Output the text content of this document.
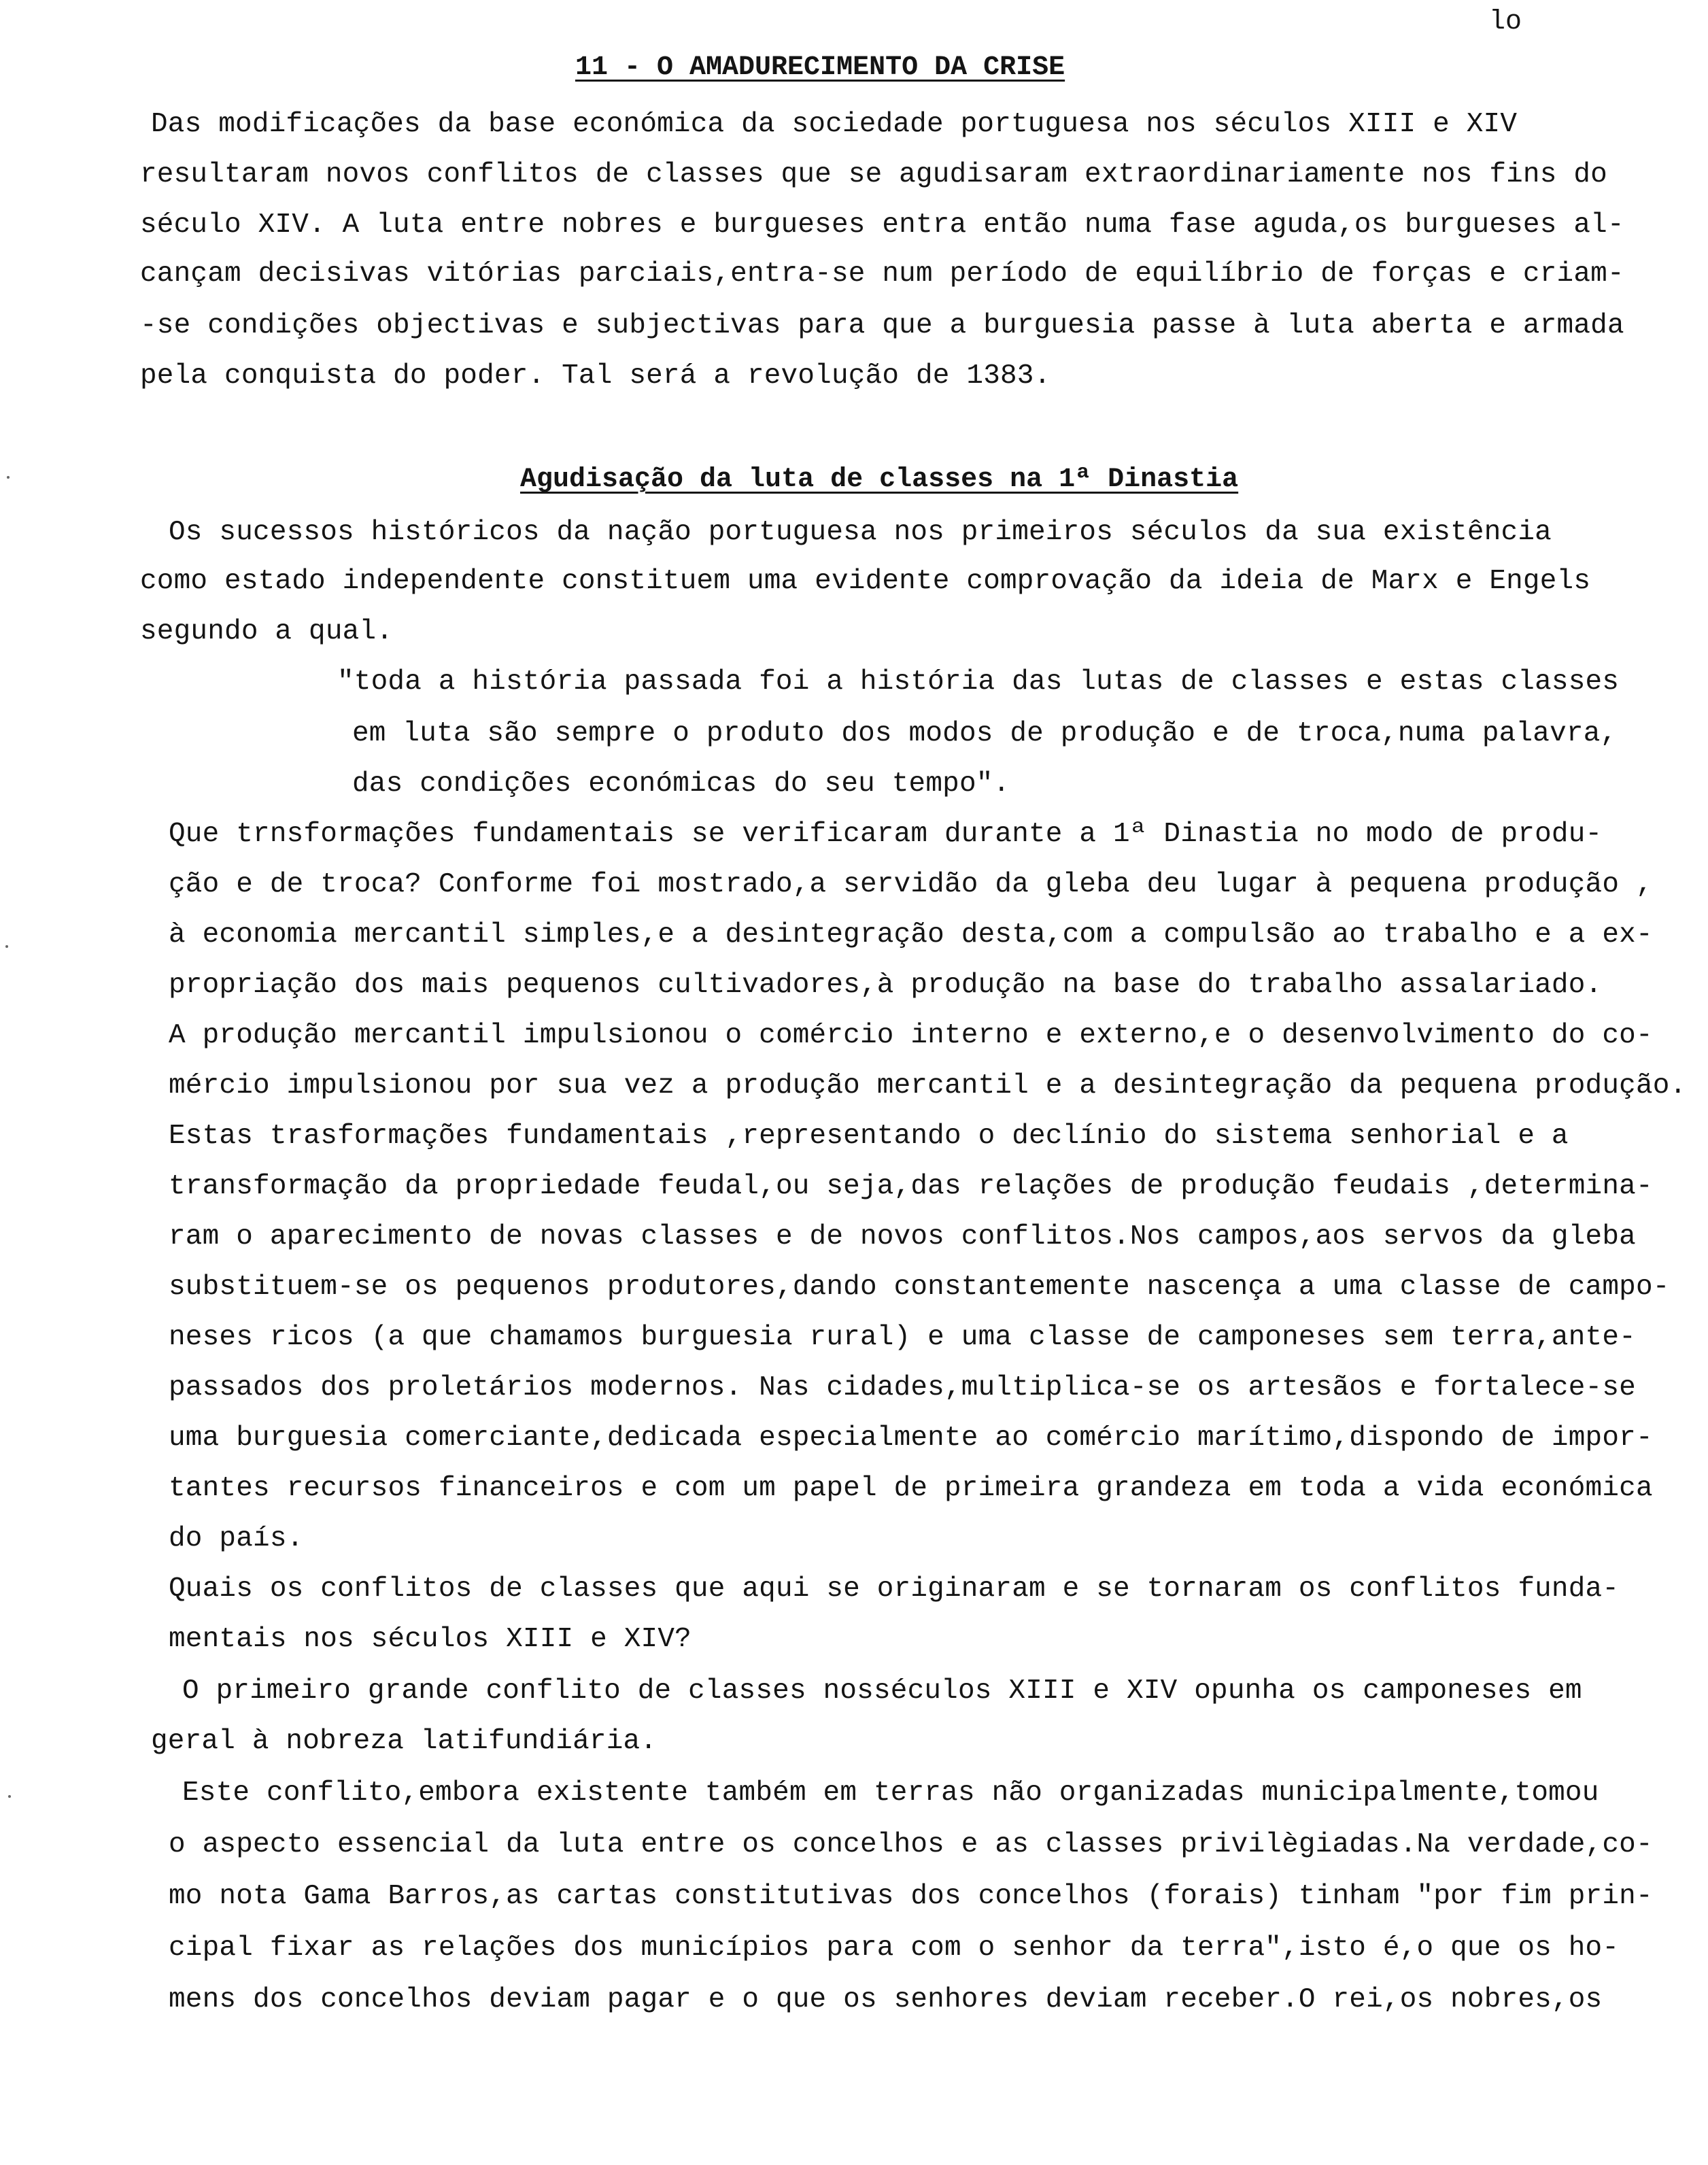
lo
11 - O AMADURECIMENTO DA CRISE
Das modificações da base económica da sociedade portuguesa nos séculos XIII e XIV
resultaram novos conflitos de classes que se agudisaram extraordinariamente nos fins do
século XIV. A luta entre nobres e burgueses entra então numa fase aguda,os burgueses al-
cançam decisivas vitórias parciais,entra-se num período de equilíbrio de forças e criam-
-se condições objectivas e subjectivas para que a burguesia passe à luta aberta e armada
pela conquista do poder. Tal será a revolução de 1383.
Agudisação da luta de classes na 1ª Dinastia
Os sucessos históricos da nação portuguesa nos primeiros séculos da sua existência
como estado independente constituem uma evidente comprovação da ideia de Marx e Engels
segundo a qual.
"toda a história passada foi a história das lutas de classes e estas classes
em luta são sempre o produto dos modos de produção e de troca,numa palavra,
das condições económicas do seu tempo".
Que trnsformações fundamentais se verificaram durante a 1ª Dinastia no modo de produ-
ção e de troca? Conforme foi mostrado,a servidão da gleba deu lugar à pequena produção ,
à economia mercantil simples,e a desintegração desta,com a compulsão ao trabalho e a ex-
propriação dos mais pequenos cultivadores,à produção na base do trabalho assalariado.
A produção mercantil impulsionou o comércio interno e externo,e o desenvolvimento do co-
mércio impulsionou por sua vez a produção mercantil e a desintegração da pequena produção.
Estas trasformações fundamentais ,representando o declínio do sistema senhorial e a
transformação da propriedade feudal,ou seja,das relações de produção feudais ,determina-
ram o aparecimento de novas classes e de novos conflitos.Nos campos,aos servos da gleba
substituem-se os pequenos produtores,dando constantemente nascença a uma classe de campo-
neses ricos (a que chamamos burguesia rural) e uma classe de camponeses sem terra,ante-
passados dos proletários modernos. Nas cidades,multiplica-se os artesãos e fortalece-se
uma burguesia comerciante,dedicada especialmente ao comércio marítimo,dispondo de impor-
tantes recursos financeiros e com um papel de primeira grandeza em toda a vida económica
do país.
Quais os conflitos de classes que aqui se originaram e se tornaram os conflitos funda-
mentais nos séculos XIII e XIV?
O primeiro grande conflito de classes nosséculos XIII e XIV opunha os camponeses em
geral à nobreza latifundiária.
Este conflito,embora existente também em terras não organizadas municipalmente,tomou
o aspecto essencial da luta entre os concelhos e as classes privilègiadas.Na verdade,co-
mo nota Gama Barros,as cartas constitutivas dos concelhos (forais) tinham "por fim prin-
cipal fixar as relações dos municípios para com o senhor da terra",isto é,o que os ho-
mens dos concelhos deviam pagar e o que os senhores deviam receber.O rei,os nobres,os
